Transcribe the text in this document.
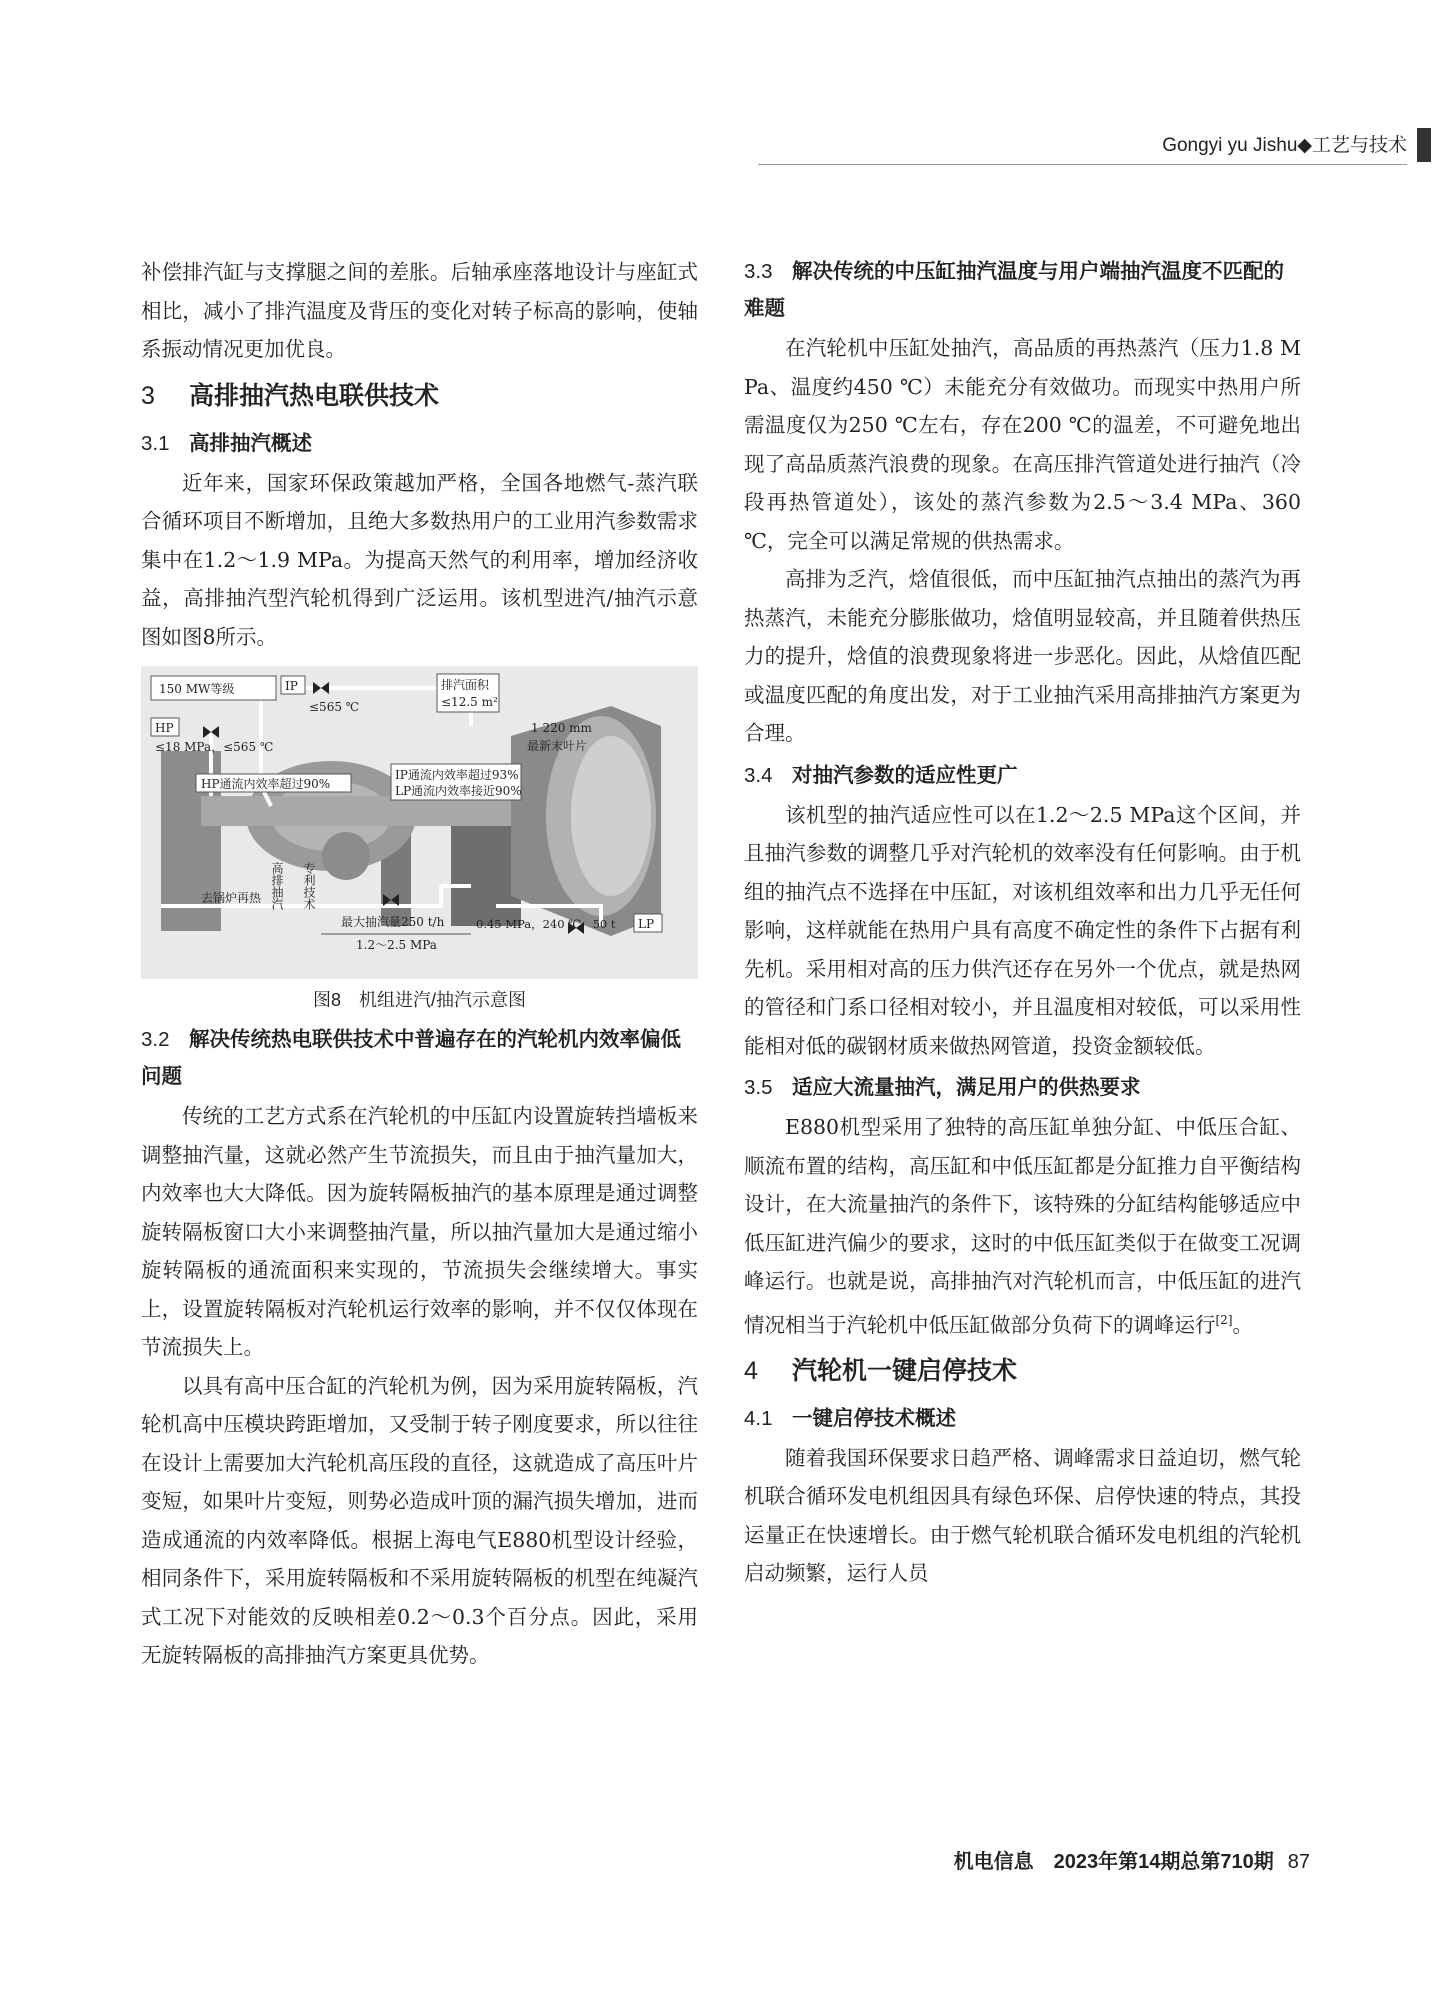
Gongyi yu Jishu◆工艺与技术

补偿排汽缸与支撑腿之间的差胀。后轴承座落地设计与座缸式相比，减小了排汽温度及背压的变化对转子标高的影响，使轴系振动情况更加优良。

3 高排抽汽热电联供技术
3.1 高排抽汽概述

近年来，国家环保政策越加严格，全国各地燃气-蒸汽联合循环项目不断增加，且绝大多数热用户的工业用汽参数需求集中在1.2～1.9 MPa。为提高天然气的利用率，增加经济收益，高排抽汽型汽轮机得到广泛运用。该机型进汽/抽汽示意图如图8所示。

150 MW等级	IP
≤565 ℃
排汽面积
≤12.5 m²
HP
≤18 MPa，≤565 ℃
1 220 mm
最新末叶片
HP通流内效率超过90%
IP通流内效率超过93%
LP通流内效率接近90%
去锅炉再热 高排抽汽 专利技术
最大抽汽量250 t/h
1.2～2.5 MPa
LP
0.45 MPa，240 ℃，50 t
图8　机组进汽/抽汽示意图
3.2 解决传统热电联供技术中普遍存在的汽轮机内效率偏低问题

传统的工艺方式系在汽轮机的中压缸内设置旋转挡墙板来调整抽汽量，这就必然产生节流损失，而且由于抽汽量加大，内效率也大大降低。因为旋转隔板抽汽的基本原理是通过调整旋转隔板窗口大小来调整抽汽量，所以抽汽量加大是通过缩小旋转隔板的通流面积来实现的，节流损失会继续增大。事实上，设置旋转隔板对汽轮机运行效率的影响，并不仅仅体现在节流损失上。

以具有高中压合缸的汽轮机为例，因为采用旋转隔板，汽轮机高中压模块跨距增加，又受制于转子刚度要求，所以往往在设计上需要加大汽轮机高压段的直径，这就造成了高压叶片变短，如果叶片变短，则势必造成叶顶的漏汽损失增加，进而造成通流的内效率降低。根据上海电气E880机型设计经验，相同条件下，采用旋转隔板和不采用旋转隔板的机型在纯凝汽式工况下对能效的反映相差0.2～0.3个百分点。因此，采用无旋转隔板的高排抽汽方案更具优势。

3.3 解决传统的中压缸抽汽温度与用户端抽汽温度不匹配的难题

在汽轮机中压缸处抽汽，高品质的再热蒸汽（压力1.8 MPa、温度约450 ℃）未能充分有效做功。而现实中热用户所需温度仅为250 ℃左右，存在200 ℃的温差，不可避免地出现了高品质蒸汽浪费的现象。在高压排汽管道处进行抽汽（冷段再热管道处），该处的蒸汽参数为2.5～3.4 MPa、360 ℃，完全可以满足常规的供热需求。

高排为乏汽，焓值很低，而中压缸抽汽点抽出的蒸汽为再热蒸汽，未能充分膨胀做功，焓值明显较高，并且随着供热压力的提升，焓值的浪费现象将进一步恶化。因此，从焓值匹配或温度匹配的角度出发，对于工业抽汽采用高排抽汽方案更为合理。

3.4 对抽汽参数的适应性更广

该机型的抽汽适应性可以在1.2～2.5 MPa这个区间，并且抽汽参数的调整几乎对汽轮机的效率没有任何影响。由于机组的抽汽点不选择在中压缸，对该机组效率和出力几乎无任何影响，这样就能在热用户具有高度不确定性的条件下占据有利先机。采用相对高的压力供汽还存在另外一个优点，就是热网的管径和门系口径相对较小，并且温度相对较低，可以采用性能相对低的碳钢材质来做热网管道，投资金额较低。

3.5 适应大流量抽汽，满足用户的供热要求

E880机型采用了独特的高压缸单独分缸、中低压合缸、顺流布置的结构，高压缸和中低压缸都是分缸推力自平衡结构设计，在大流量抽汽的条件下，该特殊的分缸结构能够适应中低压缸进汽偏少的要求，这时的中低压缸类似于在做变工况调峰运行。也就是说，高排抽汽对汽轮机而言，中低压缸的进汽情况相当于汽轮机中低压缸做部分负荷下的调峰运行[2]。

4 汽轮机一键启停技术
4.1 一键启停技术概述

随着我国环保要求日趋严格、调峰需求日益迫切，燃气轮机联合循环发电机组因具有绿色环保、启停快速的特点，其投运量正在快速增长。由于燃气轮机联合循环发电机组的汽轮机启动频繁，运行人员

机电信息　2023年第14期总第710期 87
